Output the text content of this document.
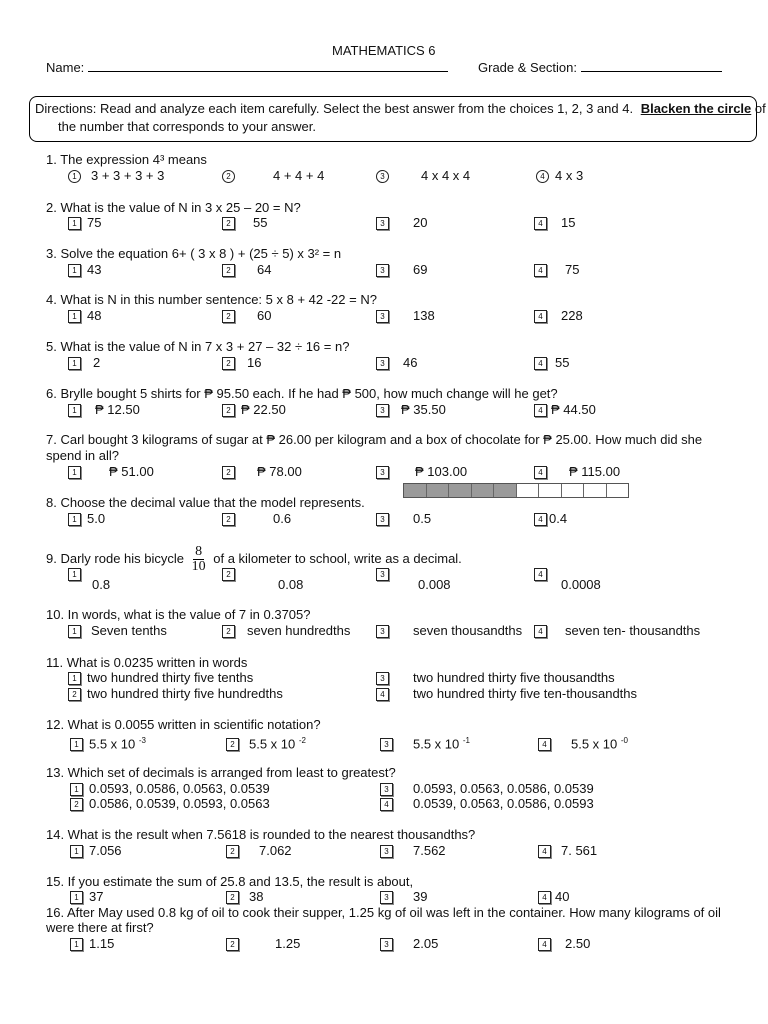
MATHEMATICS 6
Name:	Grade & Section:
Directions: Read and analyze each item carefully. Select the best answer from the choices 1, 2, 3 and 4. Blacken the circle of
the number that corresponds to your answer.
1. The expression 4³ means
1 3 + 3 + 3 + 3	2	4 + 4 + 4	3	4 x 4 x 4	4 4 x 3
2. What is the value of N in 3 x 25 – 20 = N?
1 75	2 55	3 20	4 15
3. Solve the equation 6+ ( 3 x 8 ) + (25 ÷ 5) x 3² = n
1 43	2 64	3 69	4 75
4. What is N in this number sentence: 5 x 8 + 42 -22 = N?
1 48	2 60	3 138	4 228
5. What is the value of N in 7 x 3 + 27 – 32 ÷ 16 = n?
1 2	2 16	3 46	4 55
6. Brylle bought 5 shirts for ₱ 95.50 each. If he had ₱ 500, how much change will he get?
1 ₱ 12.50	2 ₱ 22.50	3 ₱ 35.50	4 ₱ 44.50
7. Carl bought 3 kilograms of sugar at ₱ 26.00 per kilogram and a box of chocolate for ₱ 25.00. How much did she
spend in all?
1 ₱ 51.00	2 ₱ 78.00	3 ₱ 103.00	4 ₱ 115.00
8. Choose the decimal value that the model represents.
1 5.0	2	0.6	3 0.5	4 0.4
9. Darly rode his bicycle $\frac{8}{10}$ of a kilometer to school, write as a decimal.
1
0.8
2
0.08
3
0.008
4
0.0008
10. In words, what is the value of 7 in 0.3705?
1 Seven tenths	2 seven hundredths	3 seven thousandths	4 seven ten- thousandths
11. What is 0.0235 written in words
1 two hundred thirty five tenths
2 two hundred thirty five hundredths
3 two hundred thirty five thousandths
4 two hundred thirty five ten-thousandths
12. What is 0.0055 written in scientific notation?
1 5.5 x 10 $^{-3}$	2 5.5 x 10 $^{-2}$	3 5.5 x 10 $^{-1}$	4 5.5 x 10 $^{-0}$
13. Which set of decimals is arranged from least to greatest?
1 0.0593, 0.0586, 0.0563, 0.0539
2 0.0586, 0.0539, 0.0593, 0.0563
3 0.0593, 0.0563, 0.0586, 0.0539
4 0.0539, 0.0563, 0.0586, 0.0593
14. What is the result when 7.5618 is rounded to the nearest thousandths?
1 7.056	2 7.062	3 7.562	4 7. 561
15. If you estimate the sum of 25.8 and 13.5, the result is about,
1 37	2 38	3 39	4 40
16. After May used 0.8 kg of oil to cook their supper, 1.25 kg of oil was left in the container. How many kilograms of oil
were there at first?
1 1.15	2	1.25	3 2.05	4 2.50
